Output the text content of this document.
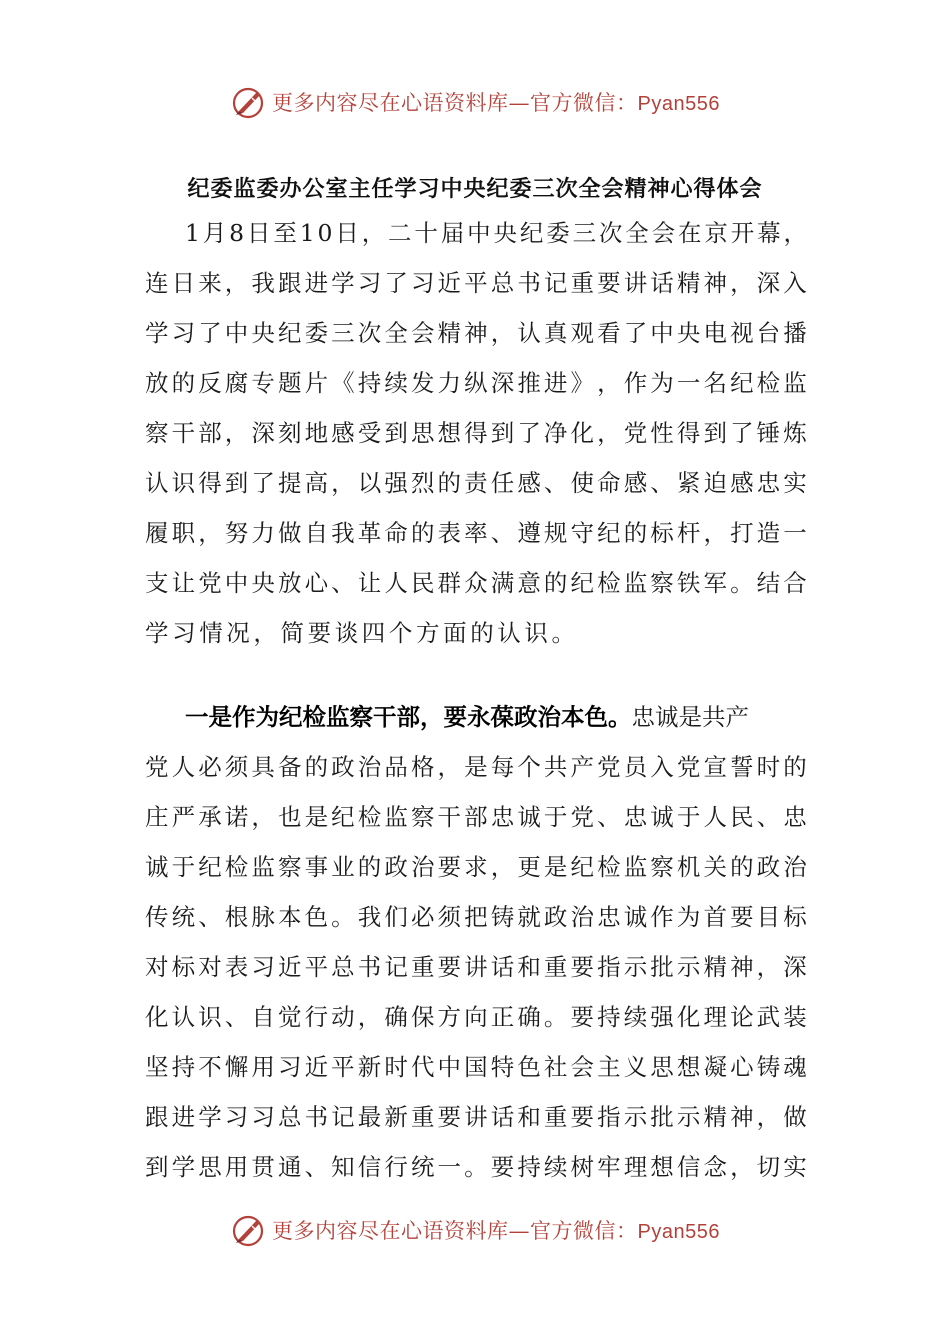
更多内容尽在心语资料库—官方微信：Pyan556
纪委监委办公室主任学习中央纪委三次全会精神心得体会
1 月 8 日 至 1 0 日 ， 二 十 届 中 央 纪 委 三 次 全 会 在 京 开 幕 ，
连 日 来 ， 我 跟 进 学 习 了 习 近 平 总 书 记 重 要 讲 话 精 神 ， 深 入
学 习 了 中 央 纪 委 三 次 全 会 精 神 ， 认 真 观 看 了 中 央 电 视 台 播
放 的 反 腐 专 题 片 《 持 续 发 力 纵 深 推 进 》 ， 作 为 一 名 纪 检 监
察 干 部 ， 深 刻 地 感 受 到 思 想 得 到 了 净 化 ， 党 性 得 到 了 锤 炼
认 识 得 到 了 提 高 ， 以 强 烈 的 责 任 感 、 使 命 感 、 紧 迫 感 忠 实
履 职 ， 努 力 做 自 我 革 命 的 表 率 、 遵 规 守 纪 的 标 杆 ， 打 造 一
支 让 党 中 央 放 心 、 让 人 民 群 众 满 意 的 纪 检 监 察 铁 军 。 结 合
学习情况，简要谈四个方面的认识。
一是作为纪检监察干部，要永葆政治本色。忠诚是共产
党 人 必 须 具 备 的 政 治 品 格 ， 是 每 个 共 产 党 员 入 党 宣 誓 时 的
庄 严 承 诺 ， 也 是 纪 检 监 察 干 部 忠 诚 于 党 、 忠 诚 于 人 民 、 忠
诚 于 纪 检 监 察 事 业 的 政 治 要 求 ， 更 是 纪 检 监 察 机 关 的 政 治
传 统 、 根 脉 本 色 。 我 们 必 须 把 铸 就 政 治 忠 诚 作 为 首 要 目 标
对 标 对 表 习 近 平 总 书 记 重 要 讲 话 和 重 要 指 示 批 示 精 神 ， 深
化 认 识 、 自 觉 行 动 ， 确 保 方 向 正 确 。 要 持 续 强 化 理 论 武 装
坚 持 不 懈 用 习 近 平 新 时 代 中 国 特 色 社 会 主 义 思 想 凝 心 铸 魂
跟 进 学 习 习 总 书 记 最 新 重 要 讲 话 和 重 要 指 示 批 示 精 神 ， 做
到 学 思 用 贯 通 、 知 信 行 统 一 。 要 持 续 树 牢 理 想 信 念 ， 切 实
更多内容尽在心语资料库—官方微信：Pyan556
